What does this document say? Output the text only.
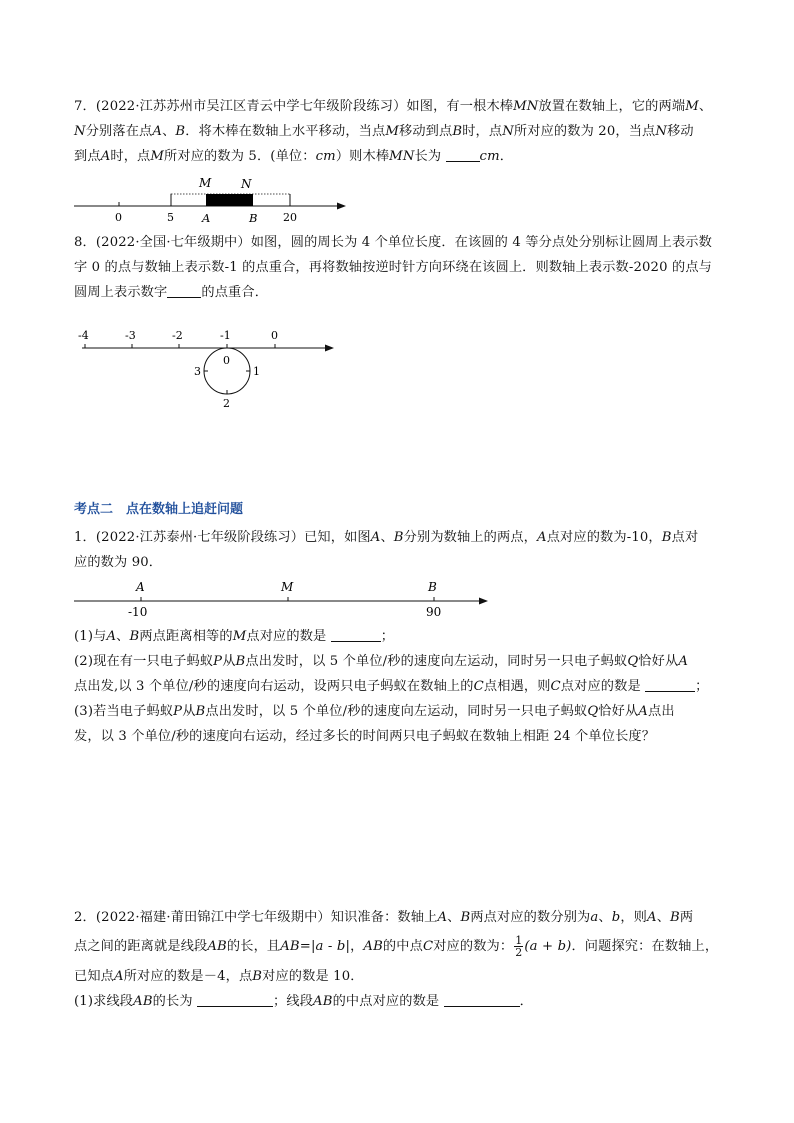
7．(2022·江苏苏州市吴江区青云中学七年级阶段练习）如图，有一根木棒MN放置在数轴上，它的两端M、
N分别落在点A、B．将木棒在数轴上水平移动，当点M移动到点B时，点N所对应的数为 20，当点N移动
到点A时，点M所对应的数为 5．(单位：cm）则木棒MN长为	cm．
M N
0	5 A	B 20
8．(2022·全国·七年级期中）如图，圆的周长为 4 个单位长度．在该圆的 4 等分点处分别标让圆周上表示数
字 0 的点与数轴上表示数-1 的点重合，再将数轴按逆时针方向环绕在该圆上．则数轴上表示数-2020 的点与
圆周上表示数字	的点重合．
-4	-3	-2	-1	0
0
1
2
3
考点二　点在数轴上追赶问题
1．(2022·江苏泰州·七年级阶段练习）已知，如图A、B分别为数轴上的两点，A点对应的数为-10，B点对
应的数为 90．
A	M	B
-10	90
(1)与A、B两点距离相等的M点对应的数是	；
(2)现在有一只电子蚂蚁P从B点出发时，以 5 个单位/秒的速度向左运动，同时另一只电子蚂蚁Q恰好从A
点出发,以 3 个单位/秒的速度向右运动，设两只电子蚂蚁在数轴上的C点相遇，则C点对应的数是	；
(3)若当电子蚂蚁P从B点出发时，以 5 个单位/秒的速度向左运动，同时另一只电子蚂蚁Q恰好从A点出
发，以 3 个单位/秒的速度向右运动，经过多长的时间两只电子蚂蚁在数轴上相距 24 个单位长度？
2．(2022·福建·莆田锦江中学七年级期中）知识准备：数轴上A、B两点对应的数分别为a、b，则A、B两
点之间的距离就是线段AB的长，且AB=|a - b|，AB的中点C对应的数为： $\frac{1}{2} (a + b)$．问题探究：在数轴上，
已知点A所对应的数是－4，点B对应的数是 10．
(1)求线段AB的长为	；线段AB的中点对应的数是	．
